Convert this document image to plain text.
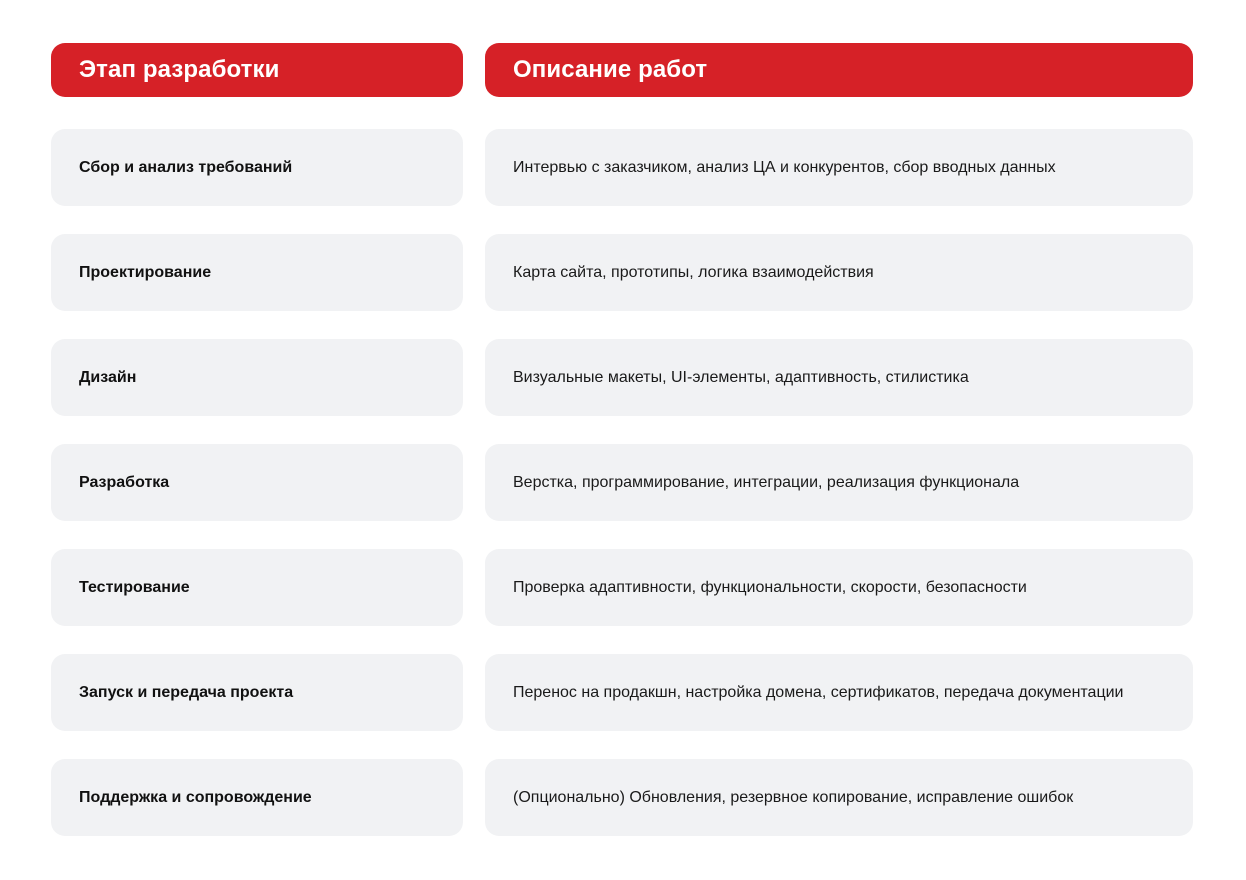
Этап разработки	Описание работ
Сбор и анализ требований	Интервью с заказчиком, анализ ЦА и конкурентов, сбор вводных данных
Проектирование	Карта сайта, прототипы, логика взаимодействия
Дизайн	Визуальные макеты, UI-элементы, адаптивность, стилистика
Разработка	Верстка, программирование, интеграции, реализация функционала
Тестирование	Проверка адаптивности, функциональности, скорости, безопасности
Запуск и передача проекта	Перенос на продакшн, настройка домена, сертификатов, передача документации
Поддержка и сопровождение	(Опционально) Обновления, резервное копирование, исправление ошибок
